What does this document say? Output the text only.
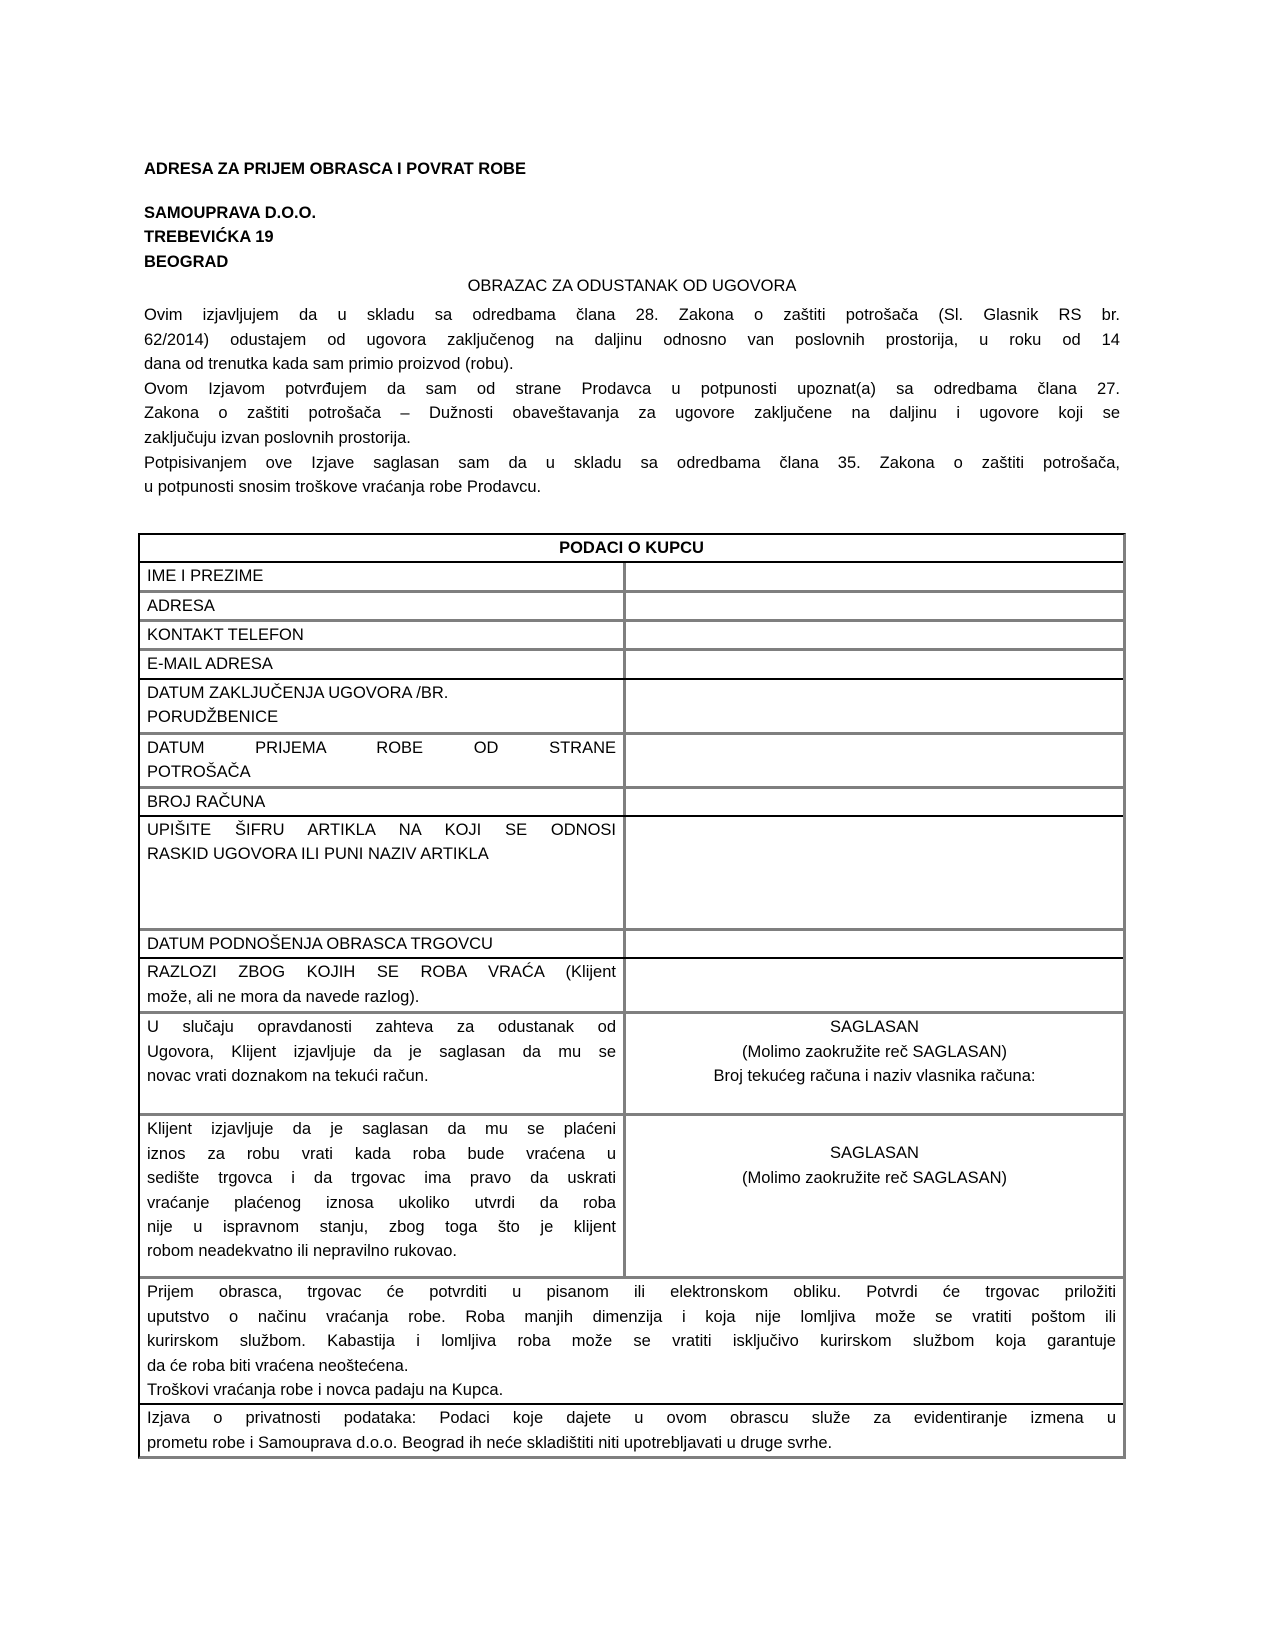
ADRESA ZA PRIJEM OBRASCA I POVRAT ROBE
SAMOUPRAVA D.O.O.
TREBEVIĆKA 19
BEOGRAD
OBRAZAC ZA ODUSTANAK OD UGOVORA
Ovim izjavljujem da u skladu sa odredbama člana 28. Zakona o zaštiti potrošača (Sl. Glasnik RS br.
62/2014) odustajem od ugovora zaključenog na daljinu odnosno van poslovnih prostorija, u roku od 14
dana od trenutka kada sam primio proizvod (robu).
Ovom Izjavom potvrđujem da sam od strane Prodavca u potpunosti upoznat(a) sa odredbama člana 27.
Zakona o zaštiti potrošača – Dužnosti obaveštavanja za ugovore zaključene na daljinu i ugovore koji se
zaključuju izvan poslovnih prostorija.
Potpisivanjem ove Izjave saglasan sam da u skladu sa odredbama člana 35. Zakona o zaštiti potrošača,
u potpunosti snosim troškove vraćanja robe Prodavcu.
PODACI O KUPCU
IME I PREZIME
ADRESA
KONTAKT TELEFON
E-MAIL ADRESA
DATUM ZAKLJUČENJA UGOVORA /BR.
PORUDŽBENICE
DATUM PRIJEMA ROBE OD STRANE
POTROŠAČA
BROJ RAČUNA
UPIŠITE ŠIFRU ARTIKLA NA KOJI SE ODNOSI
RASKID UGOVORA ILI PUNI NAZIV ARTIKLA
DATUM PODNOŠENJA OBRASCA TRGOVCU
RAZLOZI ZBOG KOJIH SE ROBA VRAĆA (Klijent
može, ali ne mora da navede razlog).
U slučaju opravdanosti zahteva za odustanak od
Ugovora, Klijent izjavljuje da je saglasan da mu se
novac vrati doznakom na tekući račun.
SAGLASAN
(Molimo zaokružite reč SAGLASAN)
Broj tekućeg računa i naziv vlasnika računa:
Klijent izjavljuje da je saglasan da mu se plaćeni
iznos za robu vrati kada roba bude vraćena u
sedište trgovca i da trgovac ima pravo da uskrati
vraćanje plaćenog iznosa ukoliko utvrdi da roba
nije u ispravnom stanju, zbog toga što je klijent
robom neadekvatno ili nepravilno rukovao.
SAGLASAN
(Molimo zaokružite reč SAGLASAN)
Prijem obrasca, trgovac će potvrditi u pisanom ili elektronskom obliku. Potvrdi će trgovac priložiti
uputstvo o načinu vraćanja robe. Roba manjih dimenzija i koja nije lomljiva može se vratiti poštom ili
kurirskom službom. Kabastija i lomljiva roba može se vratiti isključivo kurirskom službom koja garantuje
da će roba biti vraćena neoštećena.
Troškovi vraćanja robe i novca padaju na Kupca.
Izjava o privatnosti podataka: Podaci koje dajete u ovom obrascu služe za evidentiranje izmena u
prometu robe i Samouprava d.o.o. Beograd ih neće skladištiti niti upotrebljavati u druge svrhe.
